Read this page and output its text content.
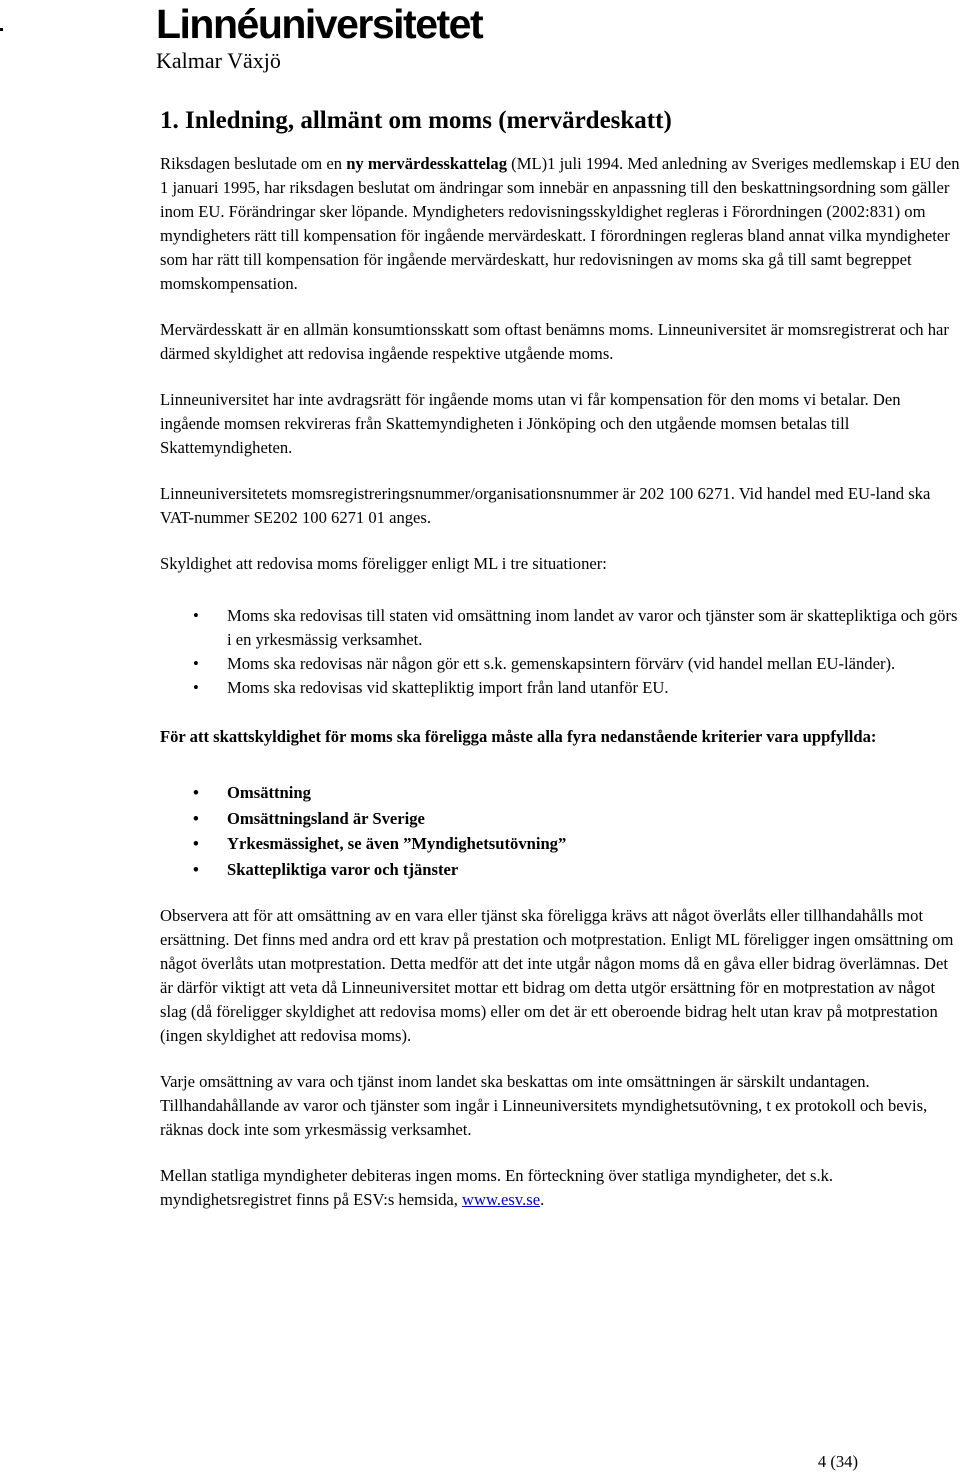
Linnéuniversitetet
Kalmar Växjö
1. Inledning, allmänt om moms (mervärdeskatt)

Riksdagen beslutade om en ny mervärdesskattelag (ML)1 juli 1994. Med anledning av Sveriges medlemskap i EU den 1 januari 1995, har riksdagen beslutat om ändringar som innebär en anpassning till den beskattningsordning som gäller inom EU. Förändringar sker löpande. Myndigheters redovisningsskyldighet regleras i Förordningen (2002:831) om myndigheters rätt till kompensation för ingående mervärdeskatt. I förordningen regleras bland annat vilka myndigheter som har rätt till kompensation för ingående mervärdeskatt, hur redovisningen av moms ska gå till samt begreppet momskompensation.

Mervärdesskatt är en allmän konsumtionsskatt som oftast benämns moms. Linneuniversitet är momsregistrerat och har därmed skyldighet att redovisa ingående respektive utgående moms.

Linneuniversitet har inte avdragsrätt för ingående moms utan vi får kompensation för den moms vi betalar. Den ingående momsen rekvireras från Skattemyndigheten i Jönköping och den utgående momsen betalas till Skattemyndigheten.

Linneuniversitetets momsregistreringsnummer/organisationsnummer är 202 100 6271. Vid handel med EU-land ska VAT-nummer SE202 100 6271 01 anges.

Skyldighet att redovisa moms föreligger enligt ML i tre situationer:

• Moms ska redovisas till staten vid omsättning inom landet av varor och tjänster som är skattepliktiga och görs i en yrkesmässig verksamhet.
• Moms ska redovisas när någon gör ett s.k. gemenskapsintern förvärv (vid handel mellan EU-länder).
• Moms ska redovisas vid skattepliktig import från land utanför EU.

För att skattskyldighet för moms ska föreligga måste alla fyra nedanstående kriterier vara uppfyllda:

• Omsättning
• Omsättningsland är Sverige
• Yrkesmässighet, se även ”Myndighetsutövning”
• Skattepliktiga varor och tjänster

Observera att för att omsättning av en vara eller tjänst ska föreligga krävs att något överlåts eller tillhandahålls mot ersättning. Det finns med andra ord ett krav på prestation och motprestation. Enligt ML föreligger ingen omsättning om något överlåts utan motprestation. Detta medför att det inte utgår någon moms då en gåva eller bidrag överlämnas. Det är därför viktigt att veta då Linneuniversitet mottar ett bidrag om detta utgör ersättning för en motprestation av något slag (då föreligger skyldighet att redovisa moms) eller om det är ett oberoende bidrag helt utan krav på motprestation (ingen skyldighet att redovisa moms).

Varje omsättning av vara och tjänst inom landet ska beskattas om inte omsättningen är särskilt undantagen. Tillhandahållande av varor och tjänster som ingår i Linneuniversitets myndighetsutövning, t ex protokoll och bevis, räknas dock inte som yrkesmässig verksamhet.

Mellan statliga myndigheter debiteras ingen moms. En förteckning över statliga myndigheter, det s.k. myndighetsregistret finns på ESV:s hemsida, www.esv.se.

4 (34)
